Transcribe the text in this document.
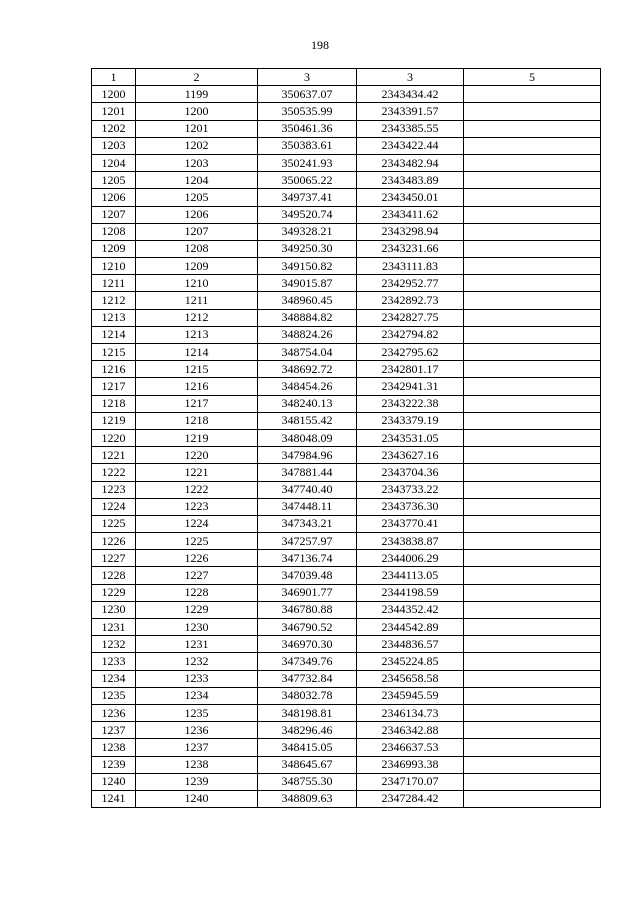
198
1	2	3	3	5
1200	1199	350637.07	2343434.42	
1201	1200	350535.99	2343391.57	
1202	1201	350461.36	2343385.55	
1203	1202	350383.61	2343422.44	
1204	1203	350241.93	2343482.94	
1205	1204	350065.22	2343483.89	
1206	1205	349737.41	2343450.01	
1207	1206	349520.74	2343411.62	
1208	1207	349328.21	2343298.94	
1209	1208	349250.30	2343231.66	
1210	1209	349150.82	2343111.83	
1211	1210	349015.87	2342952.77	
1212	1211	348960.45	2342892.73	
1213	1212	348884.82	2342827.75	
1214	1213	348824.26	2342794.82	
1215	1214	348754.04	2342795.62	
1216	1215	348692.72	2342801.17	
1217	1216	348454.26	2342941.31	
1218	1217	348240.13	2343222.38	
1219	1218	348155.42	2343379.19	
1220	1219	348048.09	2343531.05	
1221	1220	347984.96	2343627.16	
1222	1221	347881.44	2343704.36	
1223	1222	347740.40	2343733.22	
1224	1223	347448.11	2343736.30	
1225	1224	347343.21	2343770.41	
1226	1225	347257.97	2343838.87	
1227	1226	347136.74	2344006.29	
1228	1227	347039.48	2344113.05	
1229	1228	346901.77	2344198.59	
1230	1229	346780.88	2344352.42	
1231	1230	346790.52	2344542.89	
1232	1231	346970.30	2344836.57	
1233	1232	347349.76	2345224.85	
1234	1233	347732.84	2345658.58	
1235	1234	348032.78	2345945.59	
1236	1235	348198.81	2346134.73	
1237	1236	348296.46	2346342.88	
1238	1237	348415.05	2346637.53	
1239	1238	348645.67	2346993.38	
1240	1239	348755.30	2347170.07	
1241	1240	348809.63	2347284.42	
